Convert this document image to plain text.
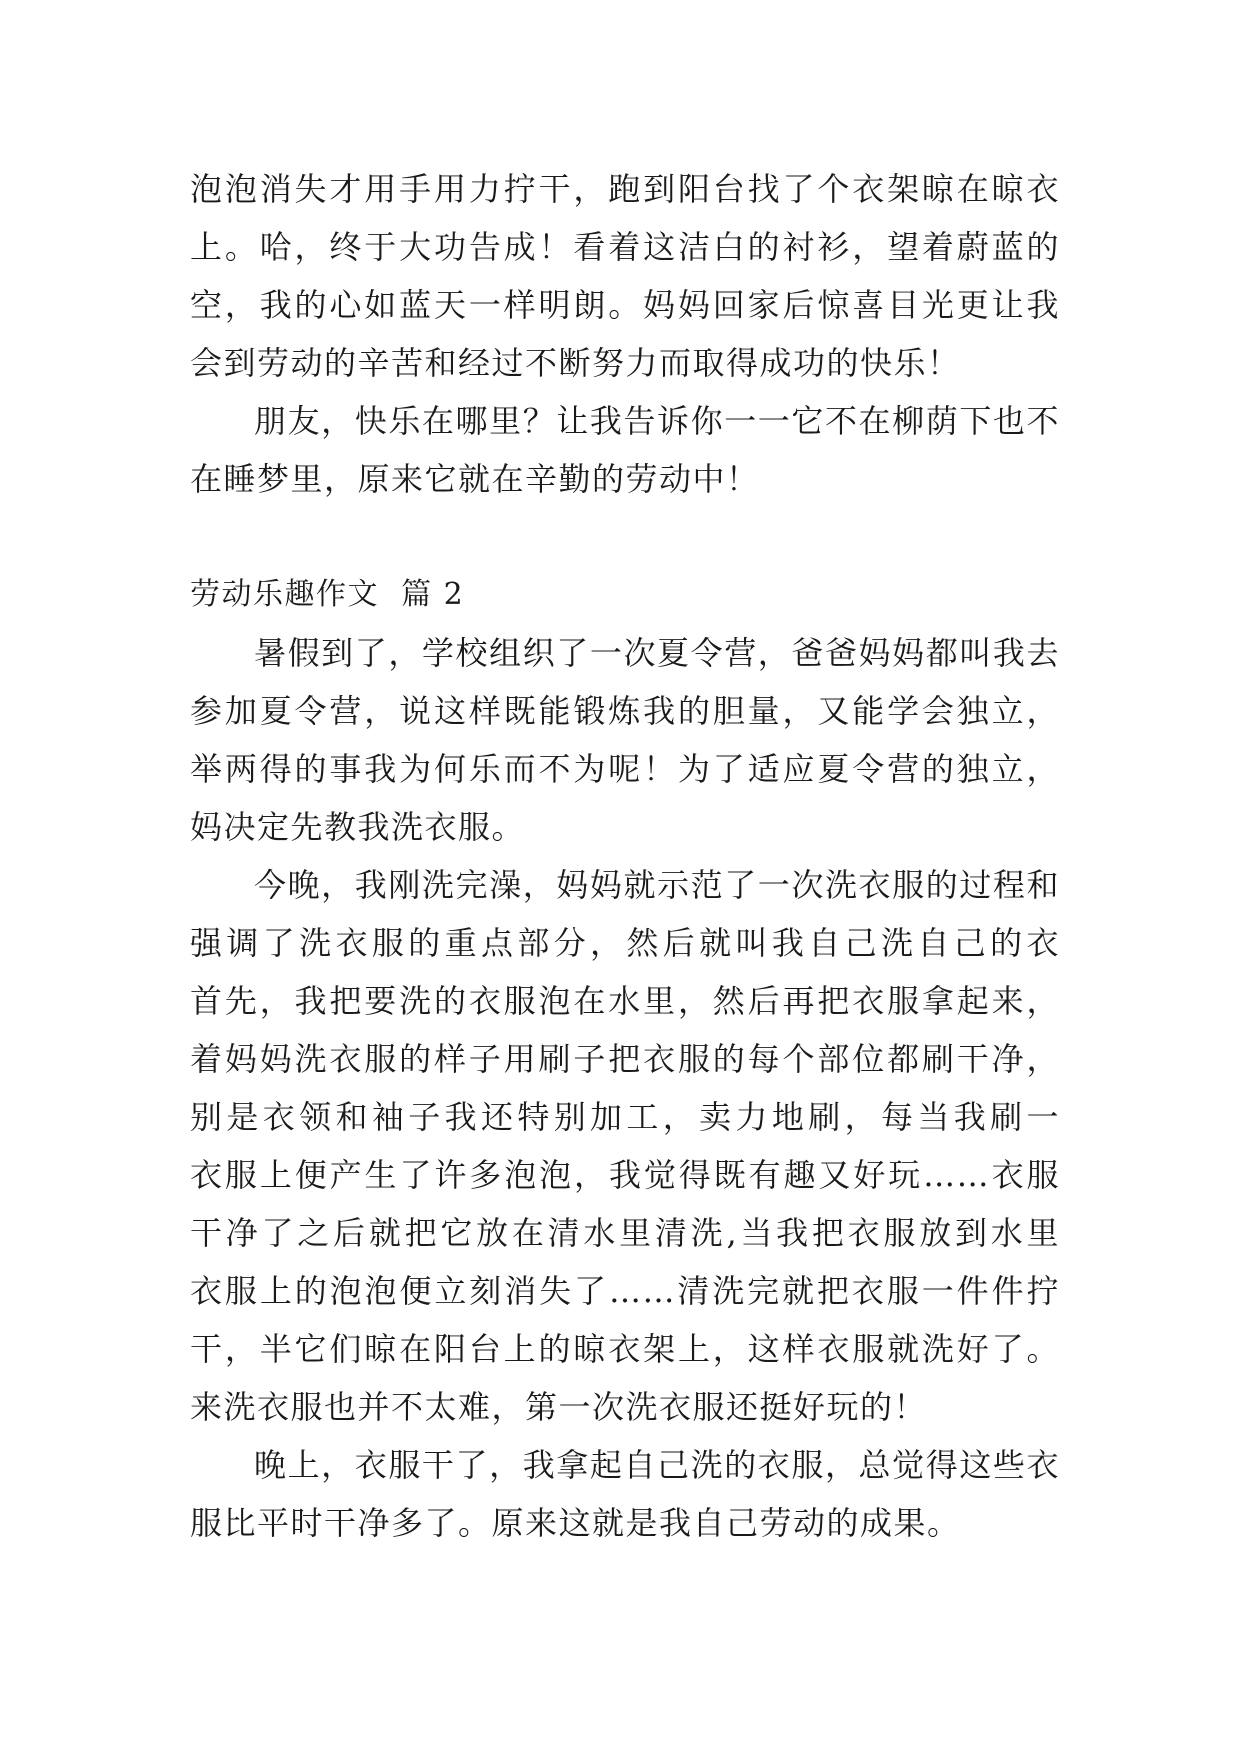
泡泡消失才用手用力拧干，跑到阳台找了个衣架晾在晾衣
上。哈，终于大功告成！看着这洁白的衬衫，望着蔚蓝的
空，我的心如蓝天一样明朗。妈妈回家后惊喜目光更让我
会到劳动的辛苦和经过不断努力而取得成功的快乐！
朋友，快乐在哪里？让我告诉你一一它不在柳荫下也不
在睡梦里，原来它就在辛勤的劳动中！
劳动乐趣作文  篇 2
暑假到了，学校组织了一次夏令营，爸爸妈妈都叫我去
参加夏令营，说这样既能锻炼我的胆量，又能学会独立，
举两得的事我为何乐而不为呢！为了适应夏令营的独立，
妈决定先教我洗衣服。
今晚，我刚洗完澡，妈妈就示范了一次洗衣服的过程和
强调了洗衣服的重点部分，然后就叫我自己洗自己的衣
首先，我把要洗的衣服泡在水里，然后再把衣服拿起来，
着妈妈洗衣服的样子用刷子把衣服的每个部位都刷干净，
别是衣领和袖子我还特别加工，卖力地刷，每当我刷一
衣服上便产生了许多泡泡，我觉得既有趣又好玩……衣服
干净了之后就把它放在清水里清洗,当我把衣服放到水里
衣服上的泡泡便立刻消失了……清洗完就把衣服一件件拧
干，半它们晾在阳台上的晾衣架上，这样衣服就洗好了。
来洗衣服也并不太难，第一次洗衣服还挺好玩的！
晚上，衣服干了，我拿起自己洗的衣服，总觉得这些衣
服比平时干净多了。原来这就是我自己劳动的成果。
